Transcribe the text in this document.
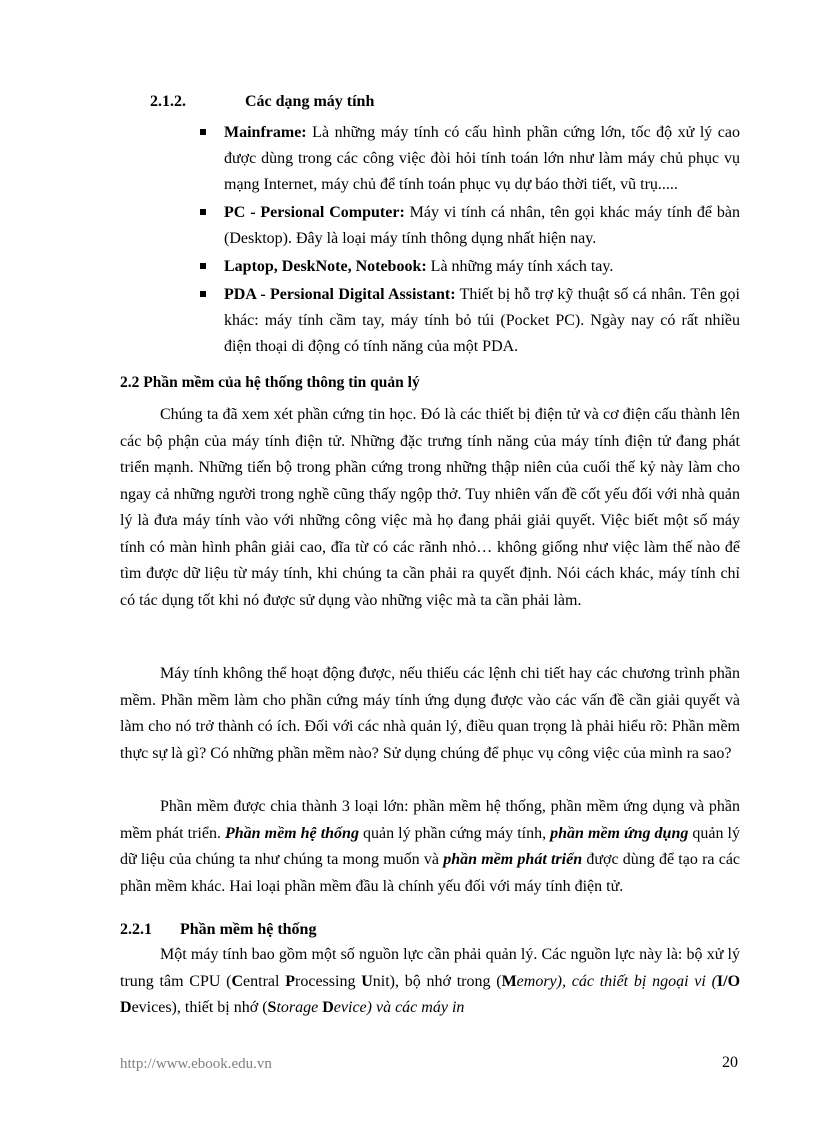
2.1.2.	Các dạng máy tính
Mainframe: Là những máy tính có cấu hình phần cứng lớn, tốc độ xử lý cao được dùng trong các công việc đòi hỏi tính toán lớn như làm máy chủ phục vụ mạng Internet, máy chủ để tính toán phục vụ dự báo thời tiết, vũ trụ.....
PC - Persional Computer: Máy vi tính cá nhân, tên gọi khác máy tính để bàn (Desktop). Đây là loại máy tính thông dụng nhất hiện nay.
Laptop, DeskNote, Notebook: Là những máy tính xách tay.
PDA - Persional Digital Assistant: Thiết bị hỗ trợ kỹ thuật số cá nhân. Tên gọi khác: máy tính cầm tay, máy tính bỏ túi (Pocket PC). Ngày nay có rất nhiều điện thoại di động có tính năng của một PDA.
2.2 Phần mềm của hệ thống thông tin quản lý

Chúng ta đã xem xét phần cứng tin học. Đó là các thiết bị điện tử và cơ điện cấu thành lên các bộ phận của máy tính điện tử. Những đặc trưng tính năng của máy tính điện tử đang phát triển mạnh. Những tiến bộ trong phần cứng trong những thập niên của cuối thế kỷ này làm cho ngay cả những người trong nghề cũng thấy ngộp thở. Tuy nhiên vấn đề cốt yếu đối với nhà quản lý là đưa máy tính vào với những công việc mà họ đang phải giải quyết. Việc biết một số máy tính có màn hình phân giải cao, đĩa từ có các rãnh nhỏ… không giống như việc làm thế nào để tìm được dữ liệu từ máy tính, khi chúng ta cần phải ra quyết định. Nói cách khác, máy tính chỉ có tác dụng tốt khi nó được sử dụng vào những việc mà ta cần phải làm.

Máy tính không thể hoạt động được, nếu thiếu các lệnh chi tiết hay các chương trình phần mềm. Phần mềm làm cho phần cứng máy tính ứng dụng được vào các vấn đề cần giải quyết và làm cho nó trở thành có ích. Đối với các nhà quản lý, điều quan trọng là phải hiểu rõ: Phần mềm thực sự là gì? Có những phần mềm nào? Sử dụng chúng để phục vụ công việc của mình ra sao?

Phần mềm được chia thành 3 loại lớn: phần mềm hệ thống, phần mềm ứng dụng và phần mềm phát triển. Phần mềm hệ thống quản lý phần cứng máy tính, phần mềm ứng dụng quản lý dữ liệu của chúng ta như chúng ta mong muốn và phần mềm phát triển được dùng để tạo ra các phần mềm khác. Hai loại phần mềm đầu là chính yếu đối với máy tính điện tử.

2.2.1 Phần mềm hệ thống

Một máy tính bao gồm một số nguồn lực cần phải quản lý. Các nguồn lực này là: bộ xử lý trung tâm CPU (Central Processing Unit), bộ nhớ trong (Memory), các thiết bị ngoại vi (I/O Devices), thiết bị nhớ (Storage Device) và các máy in

http://www.ebook.edu.vn	20
